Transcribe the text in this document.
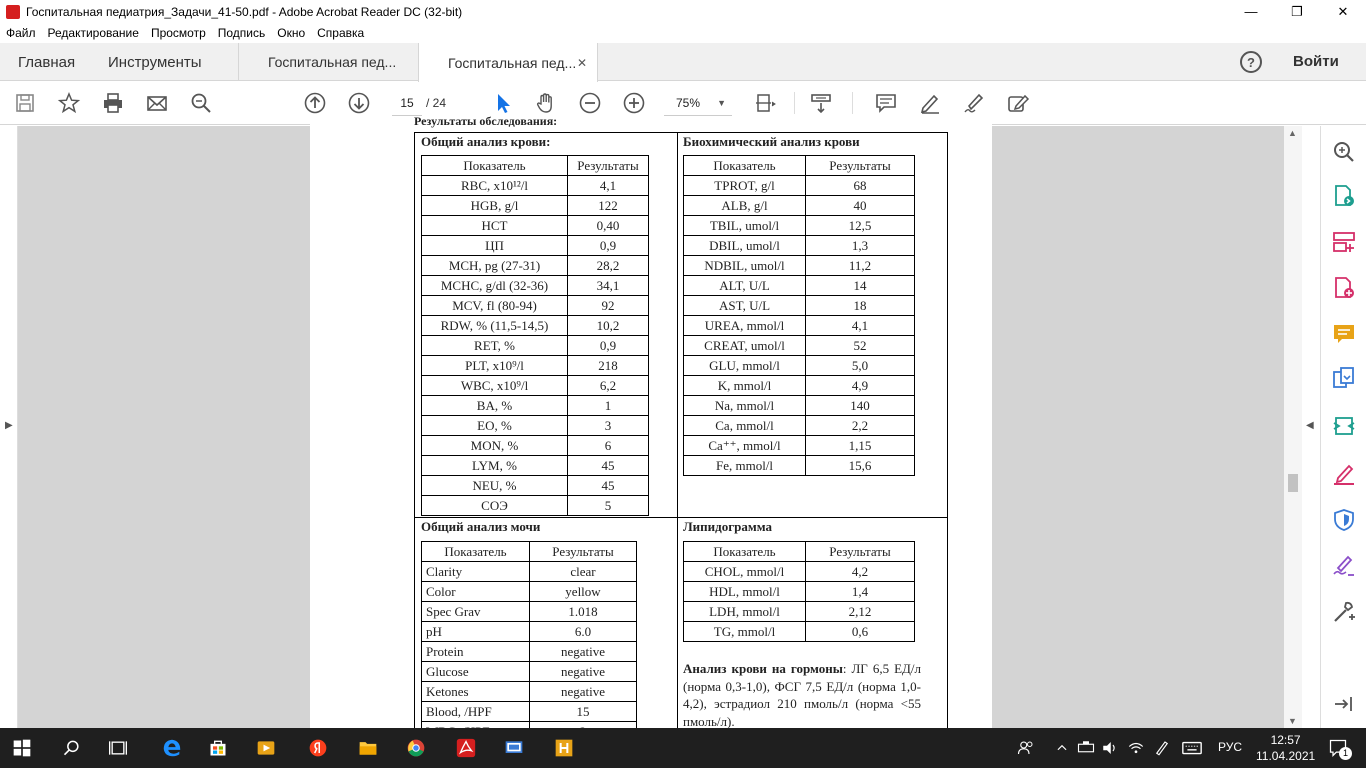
Госпитальная педиатрия_Задачи_41-50.pdf - Adobe Acrobat Reader DC (32-bit)	—	❐	✕
Файл Редактирование Просмотр Подпись Окно Справка
Главная Инструменты	Госпитальная пед...	Госпитальная пед... ✕	?	Войти
15	/ 24	75% ▼
▶
Результаты обследования:
Общий анализ крови:
Показатель	Результаты
RBC, x10¹²/l	4,1
HGB, g/l	122
HCT	0,40
ЦП	0,9
MCH, pg (27-31)	28,2
MCHC, g/dl (32-36)	34,1
MCV, fl (80-94)	92
RDW, % (11,5-14,5)	10,2
RET, %	0,9
PLT, x10⁹/l	218
WBC, x10⁹/l	6,2
BA, %	1
EO, %	3
MON, %	6
LYM, %	45
NEU, %	45
СОЭ	5
Биохимический анализ крови
Показатель	Результаты
TPROT, g/l	68
ALB, g/l	40
TBIL, umol/l	12,5
DBIL, umol/l	1,3
NDBIL, umol/l	11,2
ALT, U/L	14
AST, U/L	18
UREA, mmol/l	4,1
CREAT, umol/l	52
GLU, mmol/l	5,0
K, mmol/l	4,9
Na, mmol/l	140
Ca, mmol/l	2,2
Ca⁺⁺, mmol/l	1,15
Fe, mmol/l	15,6
Общий анализ мочи
Показатель	Результаты
Clarity	clear
Color	yellow
Spec Grav	1.018
pH	6.0
Protein	negative
Glucose	negative
Ketones	negative
Blood, /HPF	15

Липидограмма
Показатель	Результаты
CHOL, mmol/l	4,2
HDL, mmol/l	1,4
LDH, mmol/l	2,12
TG, mmol/l	0,6
Анализ крови на гормоны: ЛГ 6,5 ЕД/л (норма 0,3-1,0), ФСГ 7,5 ЕД/л (норма 1,0-4,2), эстрадиол 210 пмоль/л (норма <55 пмоль/л).
▲
▼
◀
РУС	12:57
11.04.2021	1
